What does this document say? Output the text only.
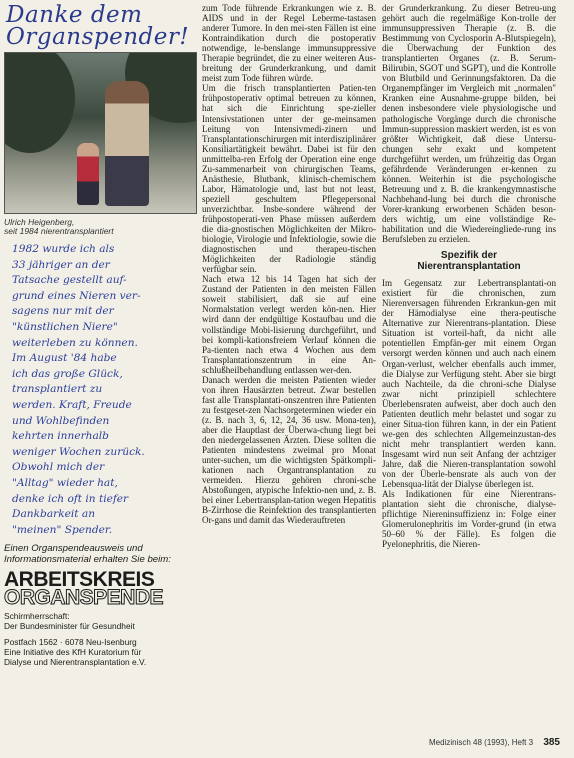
Danke dem Organspender!
Ulrich Heigenberg,
seit 1984 nierentransplantiert
1982 wurde ich als
33 jähriger an der
Tatsache gestellt auf-
grund eines Nieren ver-
sagens nur mit der
"künstlichen Niere"
weiterleben zu können.
Im August '84 habe
ich das große Glück,
transplantiert zu
werden. Kraft, Freude
und Wohlbefinden
kehrten innerhalb
weniger Wochen zurück.
Obwohl mich der
"Alltag" wieder hat,
denke ich oft in tiefer
Dankbarkeit an
"meinen" Spender.
Einen Organspendeausweis und Informationsmaterial erhalten Sie beim:
ARBEITSKREIS
ORGANSPENDE
Schirmherrschaft:
Der Bundesminister für Gesundheit
Postfach 1562 · 6078 Neu-Isenburg
Eine Initiative des KfH Kuratorium für
Dialyse und Nierentransplantation e.V.

zum Tode führende Erkrankungen wie z. B. AIDS und in der Regel Leberme-tastasen anderer Tumore. In den mei-sten Fällen ist eine Kontraindikation durch die postoperativ notwendige, le-benslange immunsuppressive Therapie begründet, die zu einer weiteren Aus-breitung der Grunderkrankung, und damit meist zum Tode führen würde.

Um die frisch transplantierten Patien-ten frühpostoperativ optimal betreuen zu können, hat sich die Einrichtung spe-zieller Intensivstationen unter der ge-meinsamen Leitung von Intensivmedi-zinern und Transplantationschirurgen mit interdisziplinärer Konsiliartätigkeit bewährt. Dabei ist für den unmittelba-ren Erfolg der Operation eine enge Zu-sammenarbeit von chirurgischen Teams, Anästhesie, Blutbank, klinisch-chemischem Labor, Hämatologie und, last but not least, speziell geschultem Pflegepersonal unverzichtbar. Insbe-sondere während der frühpostoperati-ven Phase müssen außerdem die dia-gnostischen Möglichkeiten der Mikro-biologie, Virologie und Infektiologie, sowie die diagnostischen und therapeu-tischen Möglichkeiten der Radiologie ständig verfügbar sein.

Nach etwa 12 bis 14 Tagen hat sich der Zustand der Patienten in den meisten Fällen soweit stabilisiert, daß sie auf eine Normalstation verlegt werden kön-nen. Hier wird dann der endgültige Kostaufbau und die vollständige Mobi-lisierung durchgeführt, und bei kompli-kationsfreiem Verlauf können die Pa-tienten nach etwa 4 Wochen aus dem Transplantationszentrum in eine An-schlußheilbehandlung entlassen wer-den.

Danach werden die meisten Patienten wieder von ihren Hausärzten betreut. Zwar bestellen fast alle Transplantati-onszentren ihre Patienten zu festgeset-zen Nachsorgeterminen wieder ein (z. B. nach 3, 6, 12, 24, 36 usw. Mona-ten), aber die Hauptlast der Überwa-chung liegt bei den niedergelassenen Ärzten. Diese sollten die Patienten mindestens zweimal pro Monat unter-suchen, um die wichtigsten Spätkompli-kationen nach Organtransplantation zu vermeiden. Hierzu gehören chroni-sche Abstoßungen, atypische Infektio-nen und, z. B. bei einer Lebertransplan-tation wegen Hepatitis B-Zirrhose die Reinfektion des transplantierten Or-gans und damit das Wiederauftreten

der Grunderkrankung. Zu dieser Betreu-ung gehört auch die regelmäßige Kon-trolle der immunsuppressiven Therapie (z. B. die Bestimmung von Cyclosporin A-Blutspiegeln), die Überwachung der Funktion des transplantierten Organes (z. B. Serum-Bilirubin, SGOT und SGPT), und die Kontrolle von Blutbild und Gerinnungsfaktoren. Da die Organempfänger im Vergleich mit „normalen" Kranken eine Ausnahme-gruppe bilden, bei denen insbesondere viele physiologische und pathologische Vorgänge durch die chronische Immun-suppression maskiert werden, ist es von größter Wichtigkeit, daß diese Untersu-chungen sehr exakt und kompetent durchgeführt werden, um frühzeitig das Organ gefährdende Veränderungen er-kennen zu können. Weiterhin ist die psychologische Betreuung und z. B. die krankengymnastische Nachbehand-lung bei durch die chronische Vorer-krankung erworbenen Schäden beson-ders wichtig, um eine vollständige Re-habilitation und die Wiedereingliede-rung ins Berufsleben zu erzielen.

Spezifik der
Nierentransplantation

Im Gegensatz zur Lebertransplantati-on existiert für die chronischen, zum Nierenversagen führenden Erkrankun-gen mit der Hämodialyse eine thera-peutische Alternative zur Nierentrans-plantation. Diese Situation ist vorteil-haft, da nicht alle potentiellen Empfän-ger mit einem Organ versorgt werden können und auch nach einem Organ-verlust, welcher ebenfalls auch immer, die Dialyse zur Verfügung steht. Aber sie birgt auch Nachteile, da die chroni-sche Dialyse zwar nicht prinzipiell schlechtere Überlebensraten aufweist, aber doch auch den Patienten deutlich mehr belastet und sogar zu einer Situa-tion führen kann, in der ein Patient we-gen des schlechten Allgemeinzustan-des nicht mehr transplantiert werden kann. Insgesamt wird nun seit Anfang der achtziger Jahre, daß die Nieren-transplantation sowohl von der Überle-bensrate als auch von der Lebensqua-lität der Dialyse überlegen ist.

Als Indikationen für eine Nierentrans-plantation sieht die chronische, dialyse-pflichtige Niereninsuffizienz in: Folge einer Glomerulonephritis im Vorder-grund (in etwa 50–60 % der Fälle). Es folgen die Pyelonephritis, die Nieren-

Medizinisch 48 (1993), Heft 3 385
